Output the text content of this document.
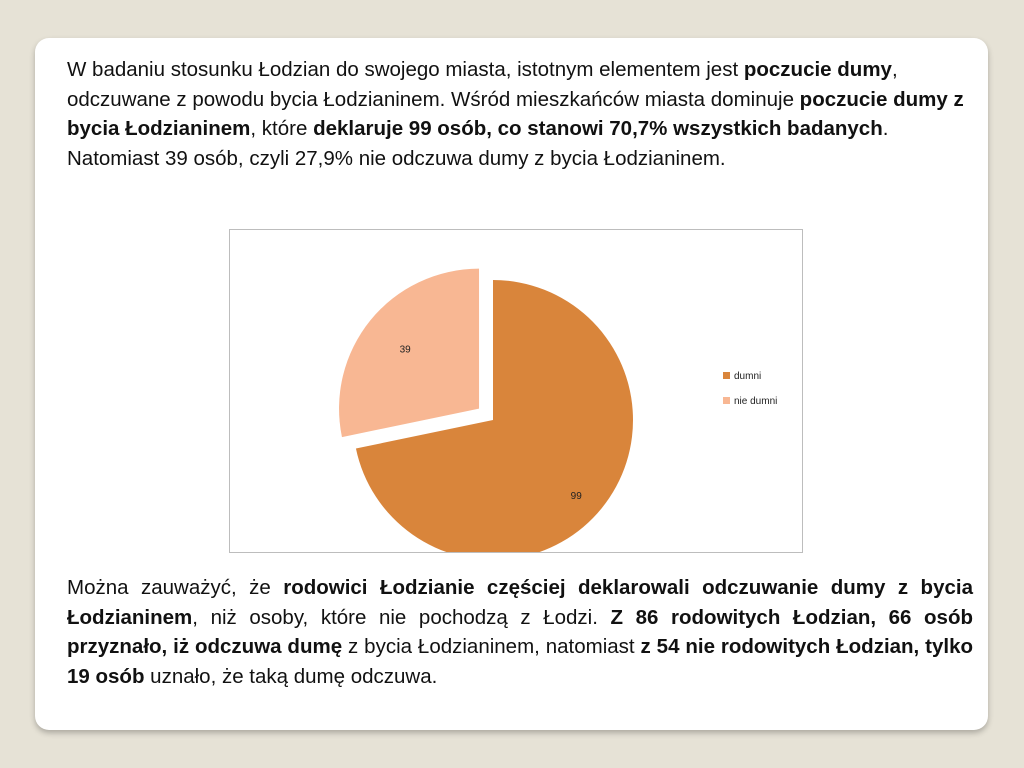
W badaniu stosunku Łodzian do swojego miasta, istotnym elementem jest poczucie dumy, odczuwane z powodu bycia Łodzianinem. Wśród mieszkańców miasta dominuje poczucie dumy z bycia Łodzianinem, które deklaruje 99 osób, co stanowi 70,7% wszystkich badanych. Natomiast 39 osób, czyli 27,9% nie odczuwa dumy z bycia Łodzianinem.

99
39
dumni
nie dumni

Można zauważyć, że rodowici Łodzianie częściej deklarowali odczuwanie dumy z bycia Łodzianinem, niż osoby, które nie pochodzą z Łodzi. Z 86 rodowitych Łodzian, 66 osób przyznało, iż odczuwa dumę z bycia Łodzianinem, natomiast z 54 nie rodowitych Łodzian, tylko 19 osób uznało, że taką dumę odczuwa.
